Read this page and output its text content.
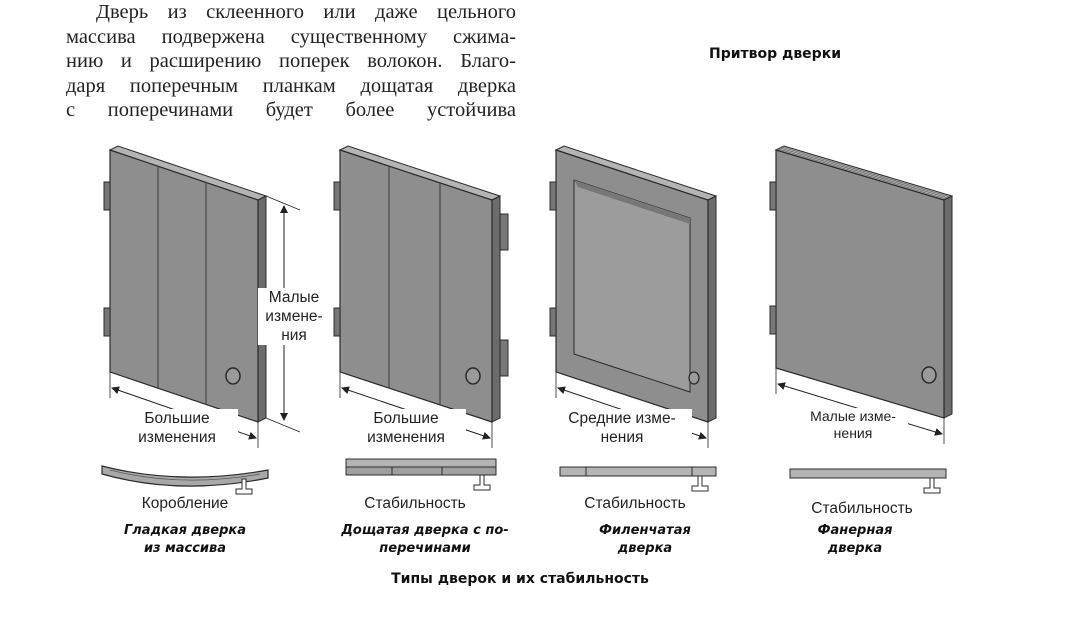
Дверь из склеенного или даже цельного
массива подвержена существенному сжима-
нию и расширению поперек волокон. Благо-
даря поперечным планкам дощатая дверка
с поперечинами будет более устойчива
Притвор дверки
Малые
измене-
ния
Большие
изменения
Большие
изменения
Средние изме-
нения
Малые изме-
нения
Коробление	Стабильность	Стабильность	Стабильность
Гладкая дверка
из массива
Дощатая дверка с по-
перечинами
Филенчатая
дверка
Фанерная
дверка
Типы дверок и их стабильность
